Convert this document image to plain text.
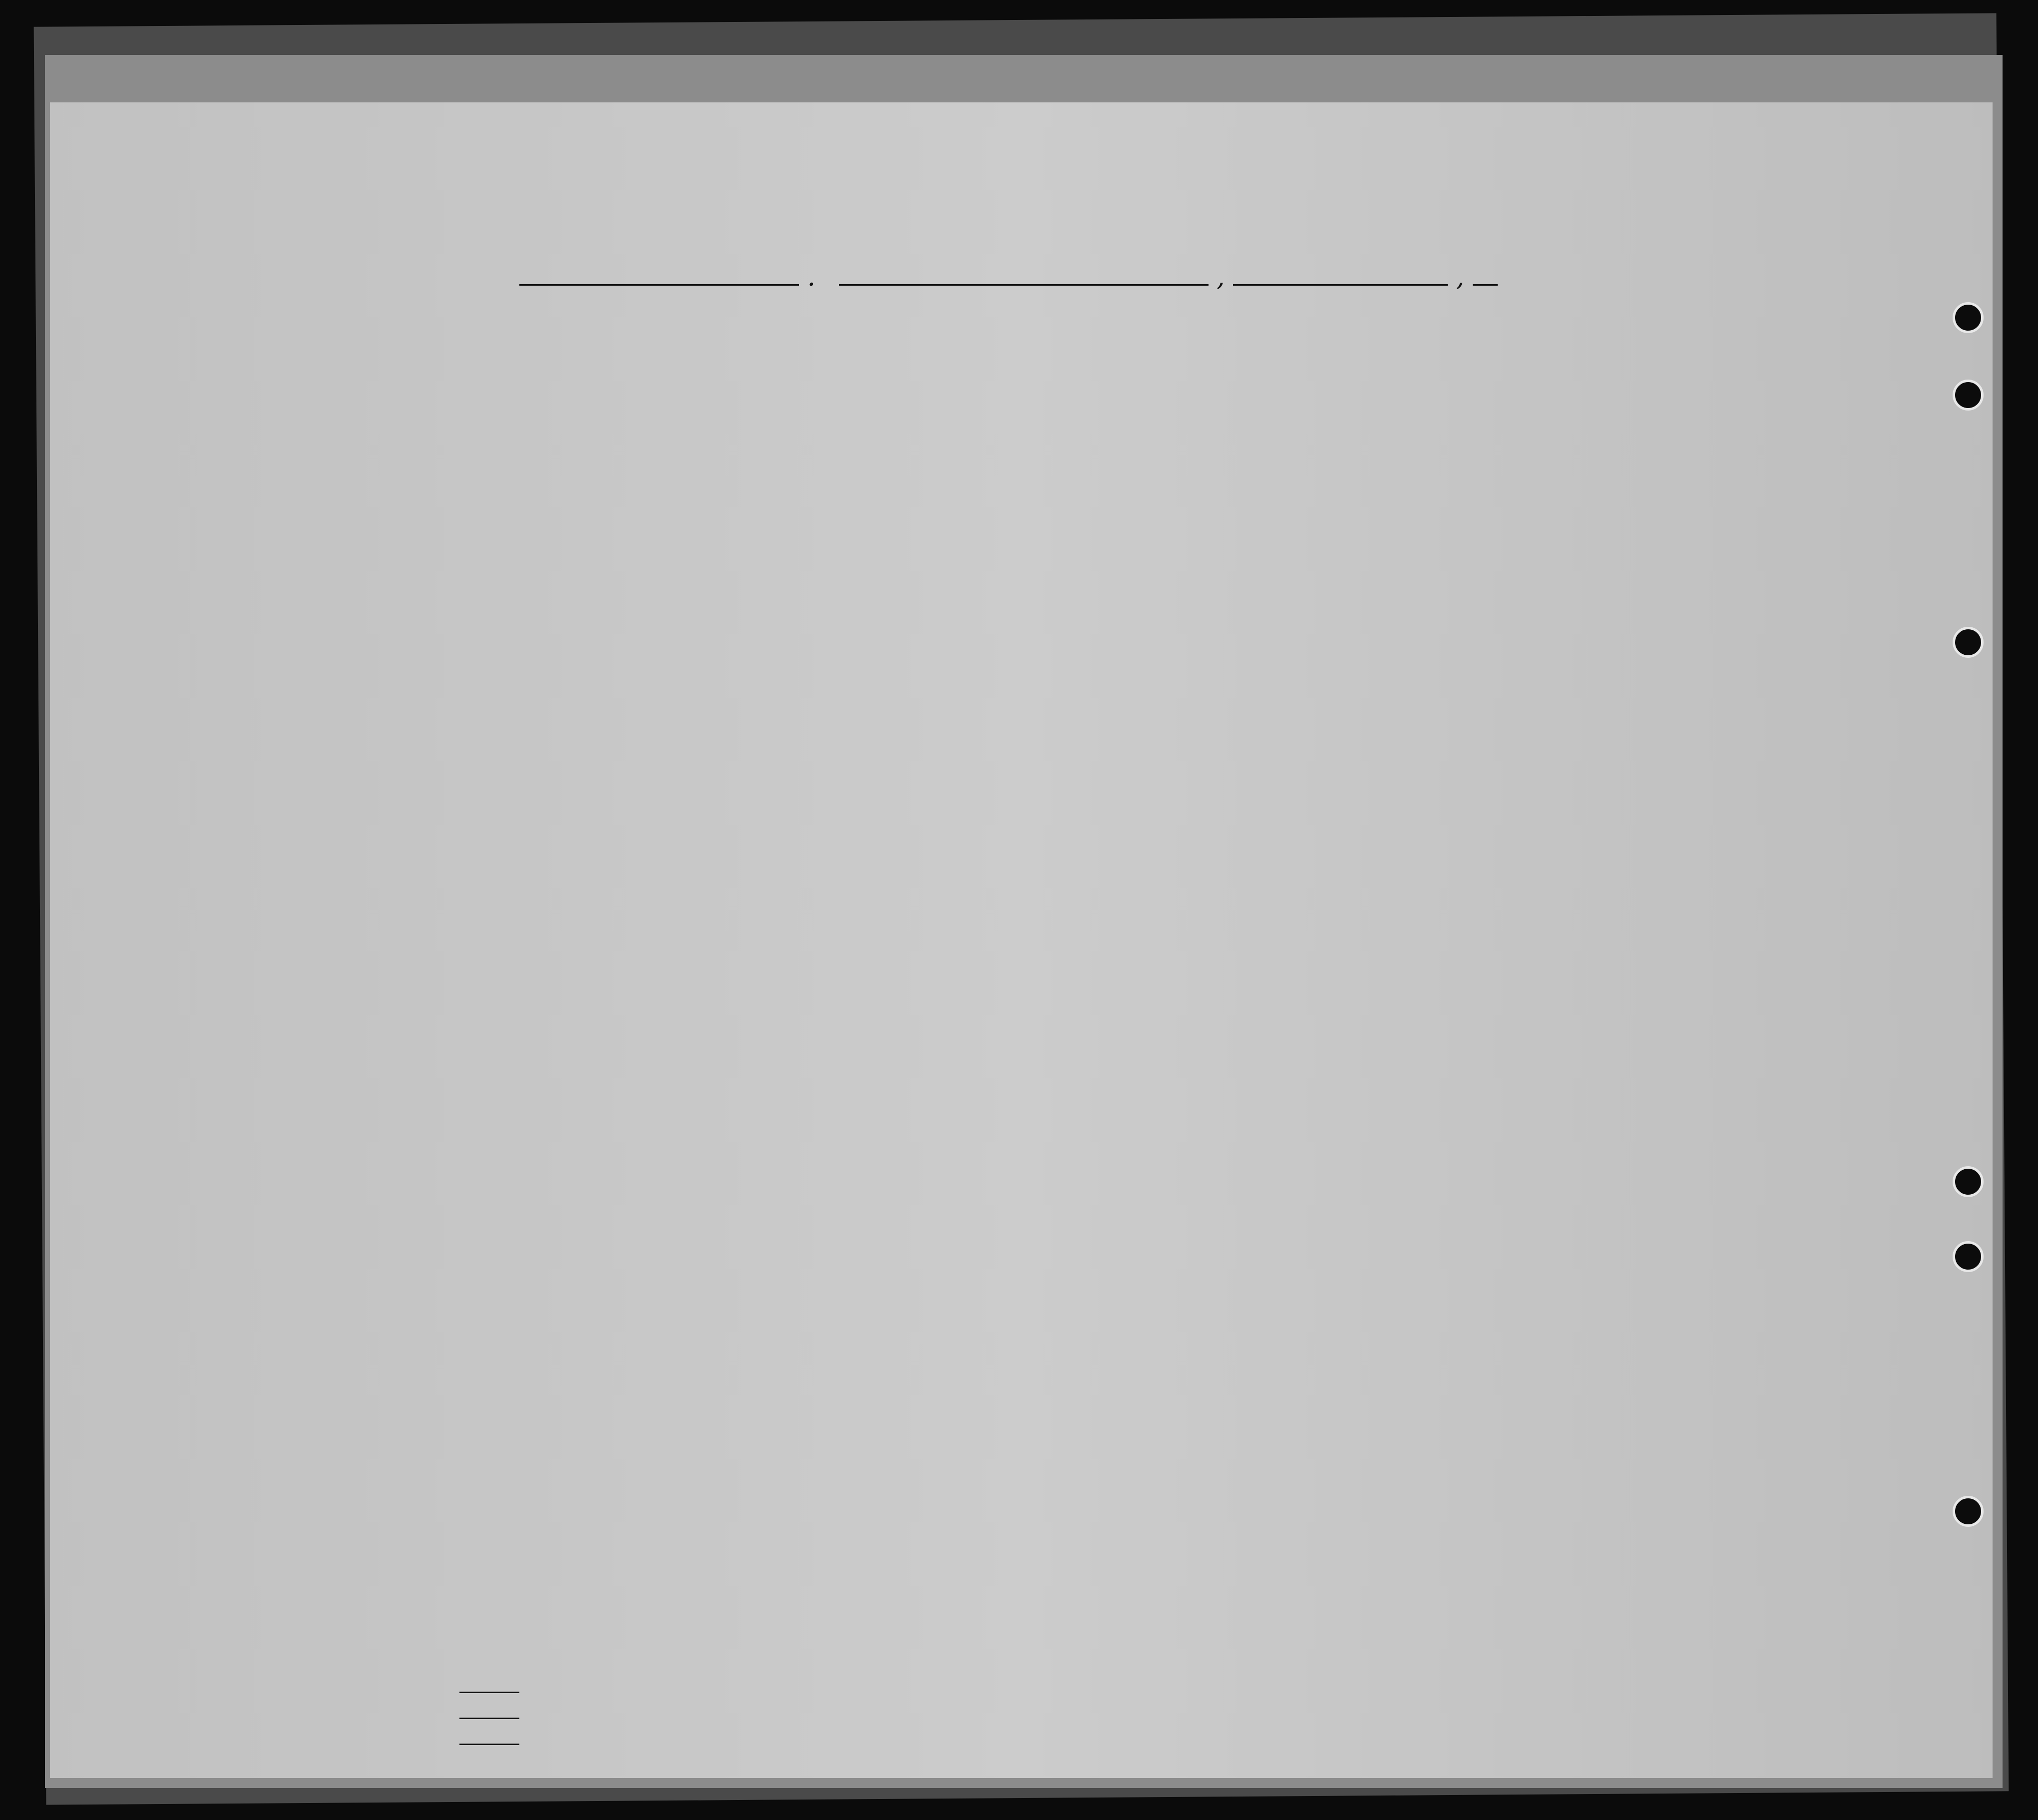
.	,	,
